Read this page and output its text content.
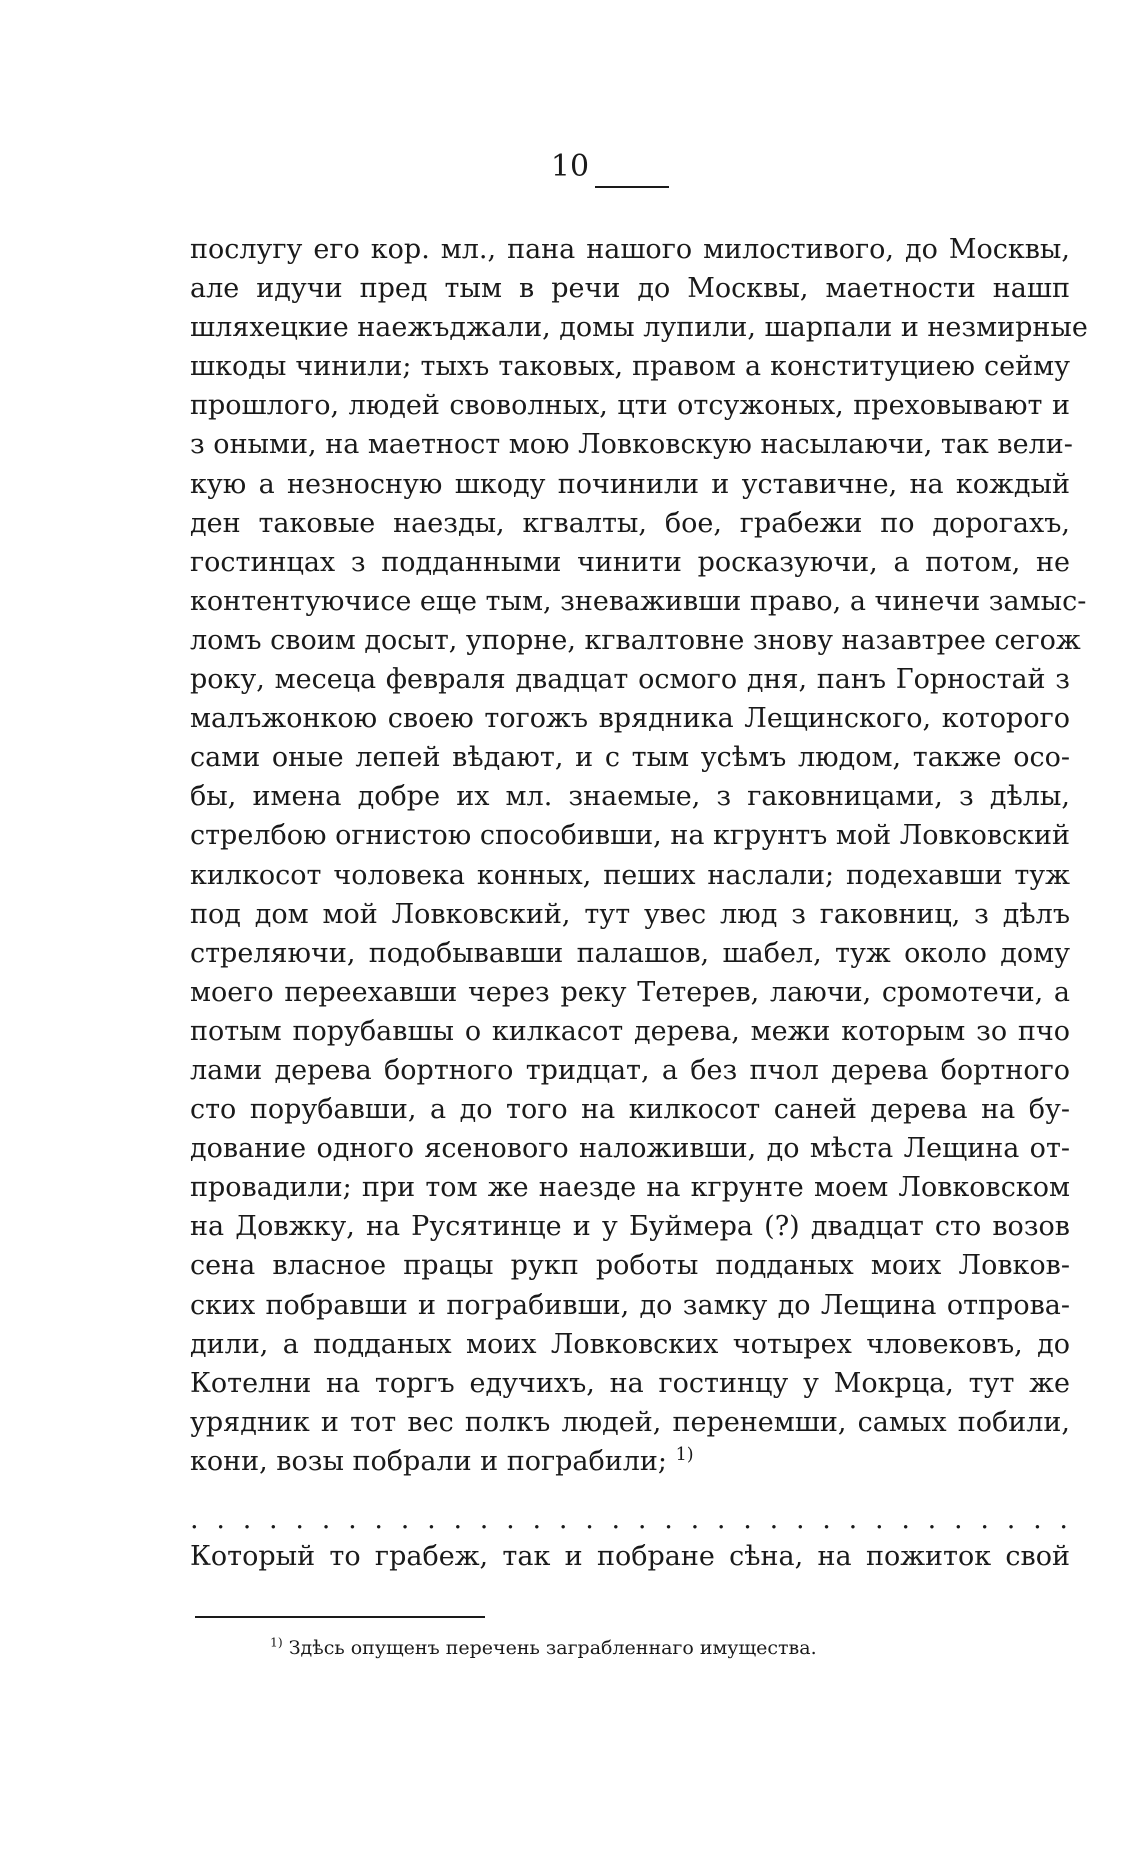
10
послугу его кор. мл., пана нашого милостивого, до Москвы,
але идучи пред тым в речи до Москвы, маетности нашп
шляхецкие наежъджали, домы лупили, шарпали и незмирные
шкоды чинили; тыхъ таковых, правом а конституциею сейму
прошлого, людей своволных, цти отсужоных, преховывают и
з оными, на маетност мою Ловковскую насылаючи, так вели-
кую а незносную шкоду починили и уставичне, на кождый
ден таковые наезды, кгвалты, бое, грабежи по дорогахъ,
гостинцах з подданными чинити росказуючи, а потом, не
контентуючисе еще тым, зневаживши право, а чинечи замыс-
ломъ своим досыт, упорне, кгвалтовне знову назавтрее сегож
року, месеца февраля двадцат осмого дня, панъ Горностай з
малъжонкою своею тогожъ врядника Лещинского, которого
сами оные лепей вѣдают, и с тым усѣмъ людом, также осо-
бы, имена добре их мл. знаемые, з гаковницами, з дѣлы,
стрелбою огнистою способивши, на кгрунтъ мой Ловковский
килкосот чоловека конных, пеших наслали; подехавши туж
под дом мой Ловковский, тут увес люд з гаковниц, з дѣлъ
стреляючи, подобывавши палашов, шабел, туж около дому
моего переехавши через реку Тетерев, лаючи, сромотечи, а
потым порубавшы о килкасот дерева, межи которым зо пчо
лами дерева бортного тридцат, а без пчол дерева бортного
сто порубавши, а до того на килкосот саней дерева на бу-
дование одного ясенового наложивши, до мѣста Лещина от-
провадили; при том же наезде на кгрунте моем Ловковском
на Довжку, на Русятинце и у Буймера (?) двадцат сто возов
сена власное працы рукп роботы подданых моих Ловков-
ских побравши и пограбивши, до замку до Лещина отпрова-
дили, а подданых моих Ловковских чотырех чловековъ, до
Котелни на торгъ едучихъ, на гостинцу у Мокрца, тут же
урядник и тот вес полкъ людей, перенемши, самых побили,
кони, возы побрали и пограбили; $^{1)}$
. . . . . . . . . . . . . . . . . . . . . . . . . . . . . . . . . .
Который то грабеж, так и побране сѣна, на пожиток свой
$^{1)}$ Здѣсь опущенъ перечень заграбленнаго имущества.
